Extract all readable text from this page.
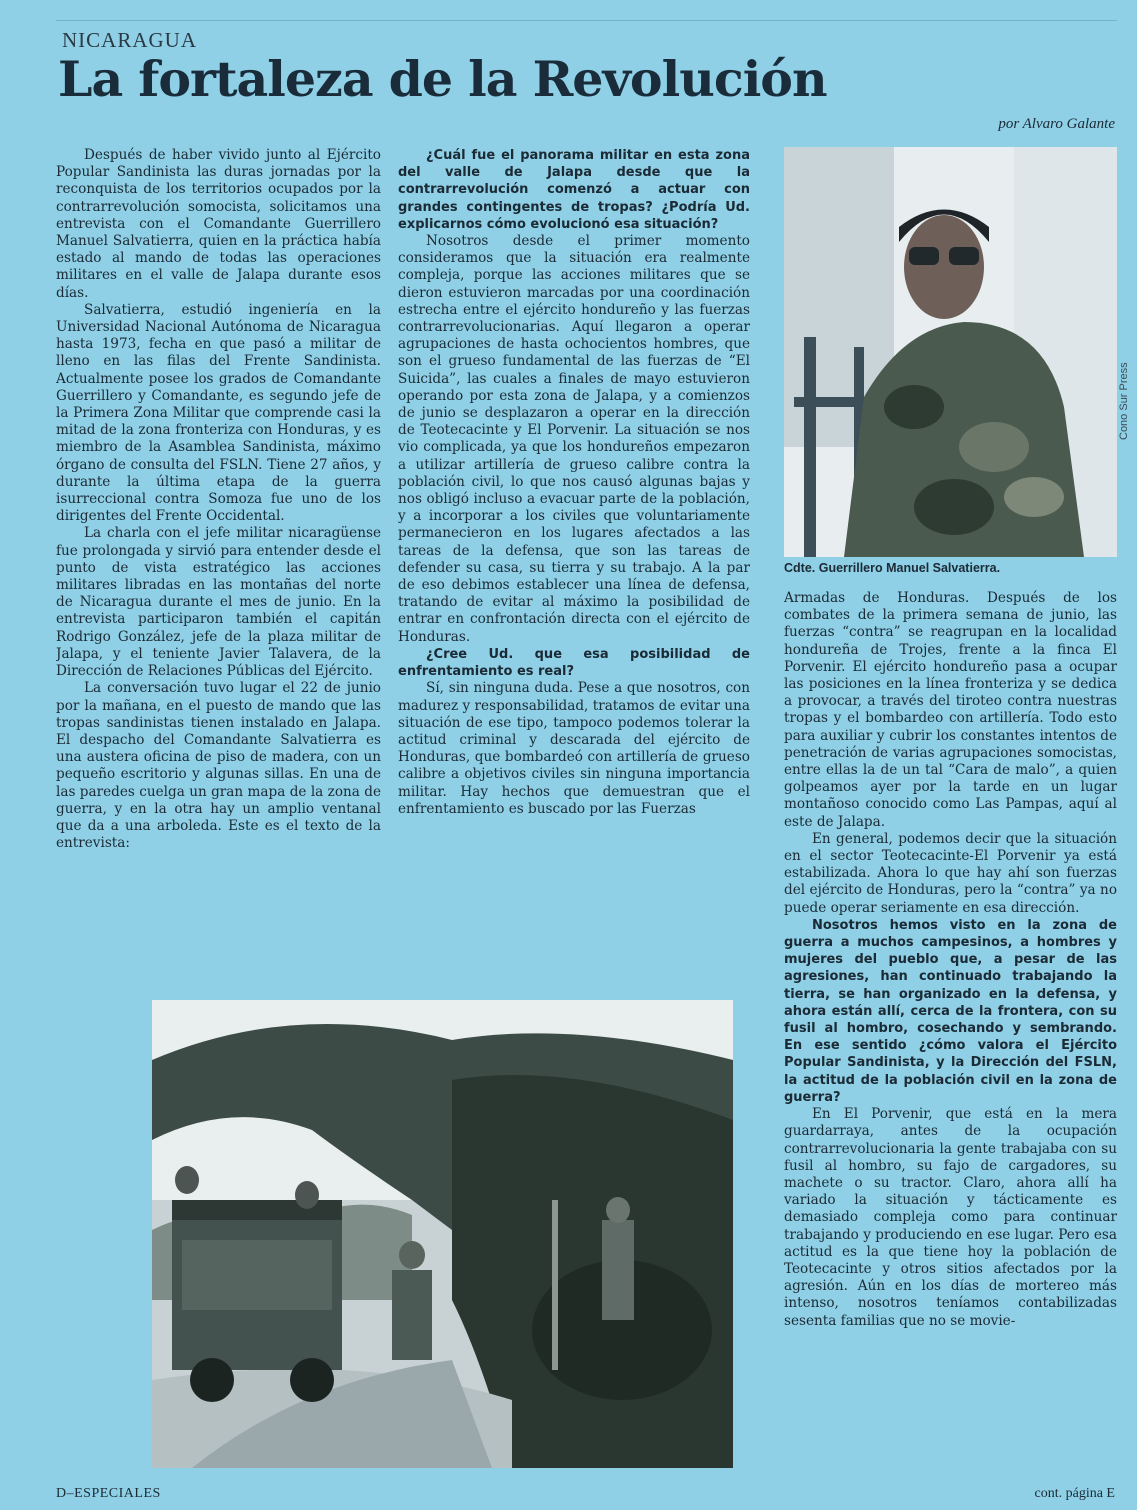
NICARAGUA
La fortaleza de la Revolución
por Alvaro Galante

Después de haber vivido junto al Ejército Popular Sandinista las duras jornadas por la reconquista de los territorios ocupados por la contrarrevolución somocista, solicitamos una entrevista con el Comandante Guerrillero Manuel Salvatierra, quien en la práctica había estado al mando de todas las operaciones militares en el valle de Jalapa durante esos días.

Salvatierra, estudió ingeniería en la Universidad Nacional Autónoma de Nicaragua hasta 1973, fecha en que pasó a militar de lleno en las filas del Frente Sandinista. Actualmente posee los grados de Comandante Guerrillero y Comandante, es segundo jefe de la Primera Zona Militar que comprende casi la mitad de la zona fronteriza con Honduras, y es miembro de la Asamblea Sandinista, máximo órgano de consulta del FSLN. Tiene 27 años, y durante la última etapa de la guerra isurreccional contra Somoza fue uno de los dirigentes del Frente Occidental.

La charla con el jefe militar nicaragüense fue prolongada y sirvió para entender desde el punto de vista estratégico las acciones militares libradas en las montañas del norte de Nicaragua durante el mes de junio. En la entrevista participaron también el capitán Rodrigo González, jefe de la plaza militar de Jalapa, y el teniente Javier Talavera, de la Dirección de Relaciones Públicas del Ejército.

La conversación tuvo lugar el 22 de junio por la mañana, en el puesto de mando que las tropas sandinistas tienen instalado en Jalapa. El despacho del Comandante Salvatierra es una austera oficina de piso de madera, con un pequeño escritorio y algunas sillas. En una de las paredes cuelga un gran mapa de la zona de guerra, y en la otra hay un amplio ventanal que da a una arboleda. Este es el texto de la entrevista:

¿Cuál fue el panorama militar en esta zona del valle de Jalapa desde que la contrarrevolución comenzó a actuar con grandes contingentes de tropas? ¿Podría Ud. explicarnos cómo evolucionó esa situación?

Nosotros desde el primer momento consideramos que la situación era realmente compleja, porque las acciones militares que se dieron estuvieron marcadas por una coordinación estrecha entre el ejército hondureño y las fuerzas contrarrevolucionarias. Aquí llegaron a operar agrupaciones de hasta ochocientos hombres, que son el grueso fundamental de las fuerzas de “El Suicida”, las cuales a finales de mayo estuvieron operando por esta zona de Jalapa, y a comienzos de junio se desplazaron a operar en la dirección de Teotecacinte y El Porvenir. La situación se nos vio complicada, ya que los hondureños empezaron a utilizar artillería de grueso calibre contra la población civil, lo que nos causó algunas bajas y nos obligó incluso a evacuar parte de la población, y a incorporar a los civiles que voluntariamente permanecieron en los lugares afectados a las tareas de la defensa, que son las tareas de defender su casa, su tierra y su trabajo. A la par de eso debimos establecer una línea de defensa, tratando de evitar al máximo la posibilidad de entrar en confrontación directa con el ejército de Honduras.

¿Cree Ud. que esa posibilidad de enfrentamiento es real?

Sí, sin ninguna duda. Pese a que nosotros, con madurez y responsabilidad, tratamos de evitar una situación de ese tipo, tampoco podemos tolerar la actitud criminal y descarada del ejército de Honduras, que bombardeó con artillería de grueso calibre a objetivos civiles sin ninguna importancia militar. Hay hechos que demuestran que el enfrentamiento es buscado por las Fuerzas

Cono Sur Press
Cdte. Guerrillero Manuel Salvatierra.

Armadas de Honduras. Después de los combates de la primera semana de junio, las fuerzas “contra” se reagrupan en la localidad hondureña de Trojes, frente a la finca El Porvenir. El ejército hondureño pasa a ocupar las posiciones en la línea fronteriza y se dedica a provocar, a través del tiroteo contra nuestras tropas y el bombardeo con artillería. Todo esto para auxiliar y cubrir los constantes intentos de penetración de varias agrupaciones somocistas, entre ellas la de un tal “Cara de malo”, a quien golpeamos ayer por la tarde en un lugar montañoso conocido como Las Pampas, aquí al este de Jalapa.

En general, podemos decir que la situación en el sector Teotecacinte-El Porvenir ya está estabilizada. Ahora lo que hay ahí son fuerzas del ejército de Honduras, pero la “contra” ya no puede operar seriamente en esa dirección.

Nosotros hemos visto en la zona de guerra a muchos campesinos, a hombres y mujeres del pueblo que, a pesar de las agresiones, han continuado trabajando la tierra, se han organizado en la defensa, y ahora están allí, cerca de la frontera, con su fusil al hombro, cosechando y sembrando. En ese sentido ¿cómo valora el Ejército Popular Sandinista, y la Dirección del FSLN, la actitud de la población civil en la zona de guerra?

En El Porvenir, que está en la mera guardarraya, antes de la ocupación contrarrevolucionaria la gente trabajaba con su fusil al hombro, su fajo de cargadores, su machete o su tractor. Claro, ahora allí ha variado la situación y tácticamente es demasiado compleja como para continuar trabajando y produciendo en ese lugar. Pero esa actitud es la que tiene hoy la población de Teotecacinte y otros sitios afectados por la agresión. Aún en los días de mortereo más intenso, nosotros teníamos contabilizadas sesenta familias que no se movie-

D–ESPECIALES	cont. página E
